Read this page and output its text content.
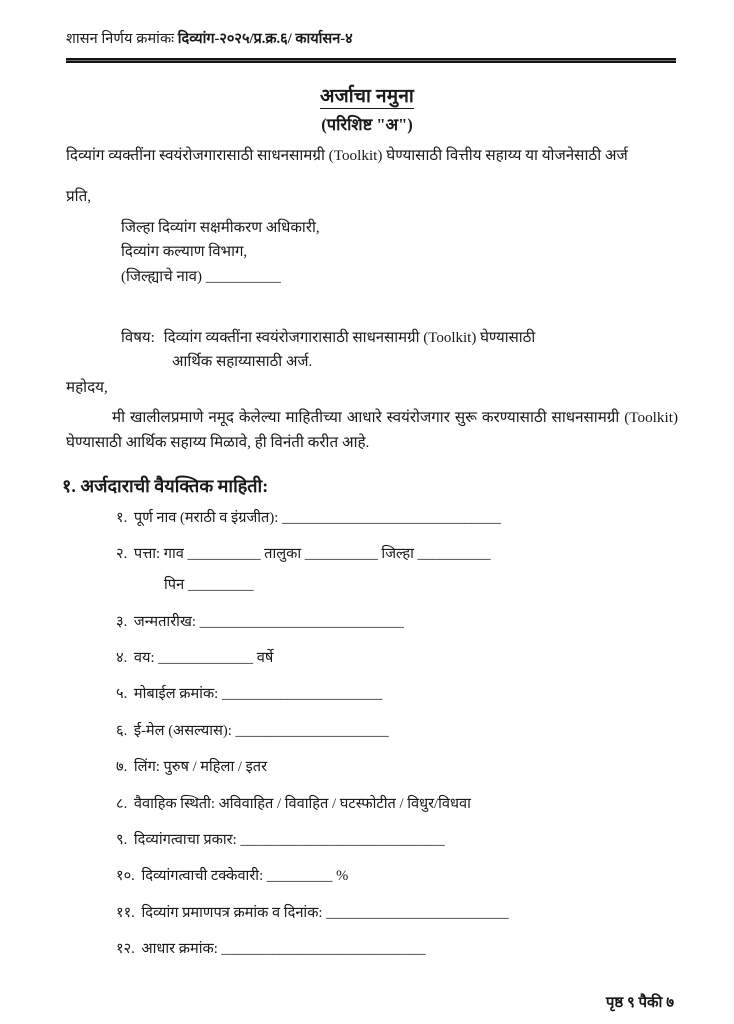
शासन निर्णय क्रमांकः दिव्यांग-२०२५/प्र.क्र.६/ कार्यासन-४
अर्जाचा नमुना
(परिशिष्ट "अ")
दिव्यांग व्यक्तींना स्वयंरोजगारासाठी साधनसामग्री (Toolkit) घेण्यासाठी वित्तीय सहाय्य या योजनेसाठी अर्ज
प्रति,
जिल्हा दिव्यांग सक्षमीकरण अधिकारी,
दिव्यांग कल्याण विभाग,
(जिल्ह्याचे नाव) __________
विषय: दिव्यांग व्यक्तींना स्वयंरोजगारासाठी साधनसामग्री (Toolkit) घेण्यासाठी
आर्थिक सहाय्यासाठी अर्ज.
महोदय,
मी खालीलप्रमाणे नमूद केलेल्या माहितीच्या आधारे स्वयंरोजगार सुरू करण्यासाठी साधनसामग्री (Toolkit) घेण्यासाठी आर्थिक सहाय्य मिळावे, ही विनंती करीत आहे.
१. अर्जदाराची वैयक्तिक माहिती:
१. पूर्ण नाव (मराठी व इंग्रजीत): ______________________________
२. पत्ता: गाव __________ तालुका __________ जिल्हा __________
पिन _________
३. जन्मतारीख: ____________________________
४. वय: _____________ वर्षे
५. मोबाईल क्रमांक: ______________________
६. ई-मेल (असल्यास): _____________________
७. लिंग: पुरुष / महिला / इतर
८. वैवाहिक स्थिती: अविवाहित / विवाहित / घटस्फोटीत / विधुर/विधवा
९. दिव्यांगत्वाचा प्रकार: ____________________________
१०. दिव्यांगत्वाची टक्केवारी: _________ %
११. दिव्यांग प्रमाणपत्र क्रमांक व दिनांक: _________________________
१२. आधार क्रमांक: ____________________________
पृष्ठ ९ पैकी ७
